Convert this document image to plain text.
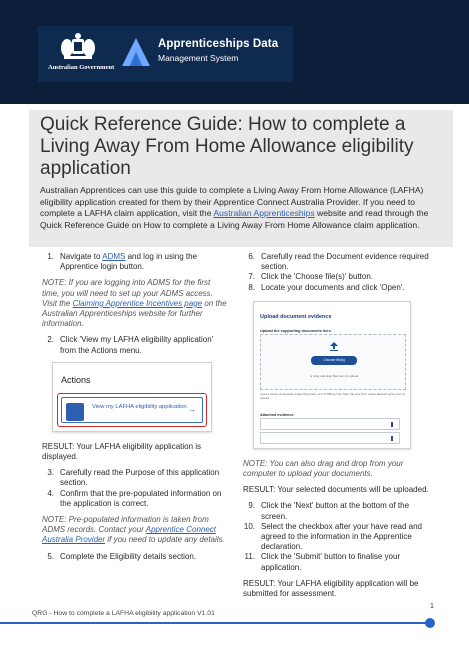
Australian Government
Apprenticeships Data
Management System
Quick Reference Guide: How to complete a Living Away From Home Allowance eligibility application

Australian Apprentices can use this guide to complete a Living Away From Home Allowance (LAFHA) eligibility application created for them by their Apprentice Connect Australia Provider. If you need to complete a LAFHA claim application, visit the Australian Apprenticeships website and read through the Quick Reference Guide on How to complete a Living Away From Home Allowance claim application.

1. Navigate to ADMS and log in using the Apprentice login button.

NOTE: If you are logging into ADMS for the first time, you will need to set up your ADMS access. Visit the Claiming Apprentice Incentives page on the Australian Apprenticeships website for further information.

2. Click 'View my LAFHA eligibility application' from the Actions menu.
Actions
View my LAFHA eligibility application →

RESULT: Your LAFHA eligibility application is displayed.

3. Carefully read the Purpose of this application section.
4. Confirm that the pre-populated information on the application is correct.

NOTE: Pre-populated information is taken from ADMS records. Contact your Apprentice Connect Australia Provider if you need to update any details.

5. Complete the Eligibility details section.
6. Carefully read the Document evidence required section.
7. Click the 'Choose file(s)' button.
8. Locate your documents and click 'Open'.
Upload document evidence
Upload the supporting documents here.
Choose file(s)
or drag and drop files here to upload
Load a series of separate supporting data, up to 5 MB per file. Max, file size limit, check allowed types prior to upload.
Attached evidence

NOTE: You can also drag and drop from your computer to upload your documents.

RESULT: Your selected documents will be uploaded.

9. Click the 'Next' button at the bottom of the screen.
10. Select the checkbox after your have read and agreed to the information in the Apprentice declaration.
11. Click the 'Submit' button to finalise your application.

RESULT: Your LAFHA eligibility application will be submitted for assessment.

1
QRG - How to complete a LAFHA eligibility application V1.01
